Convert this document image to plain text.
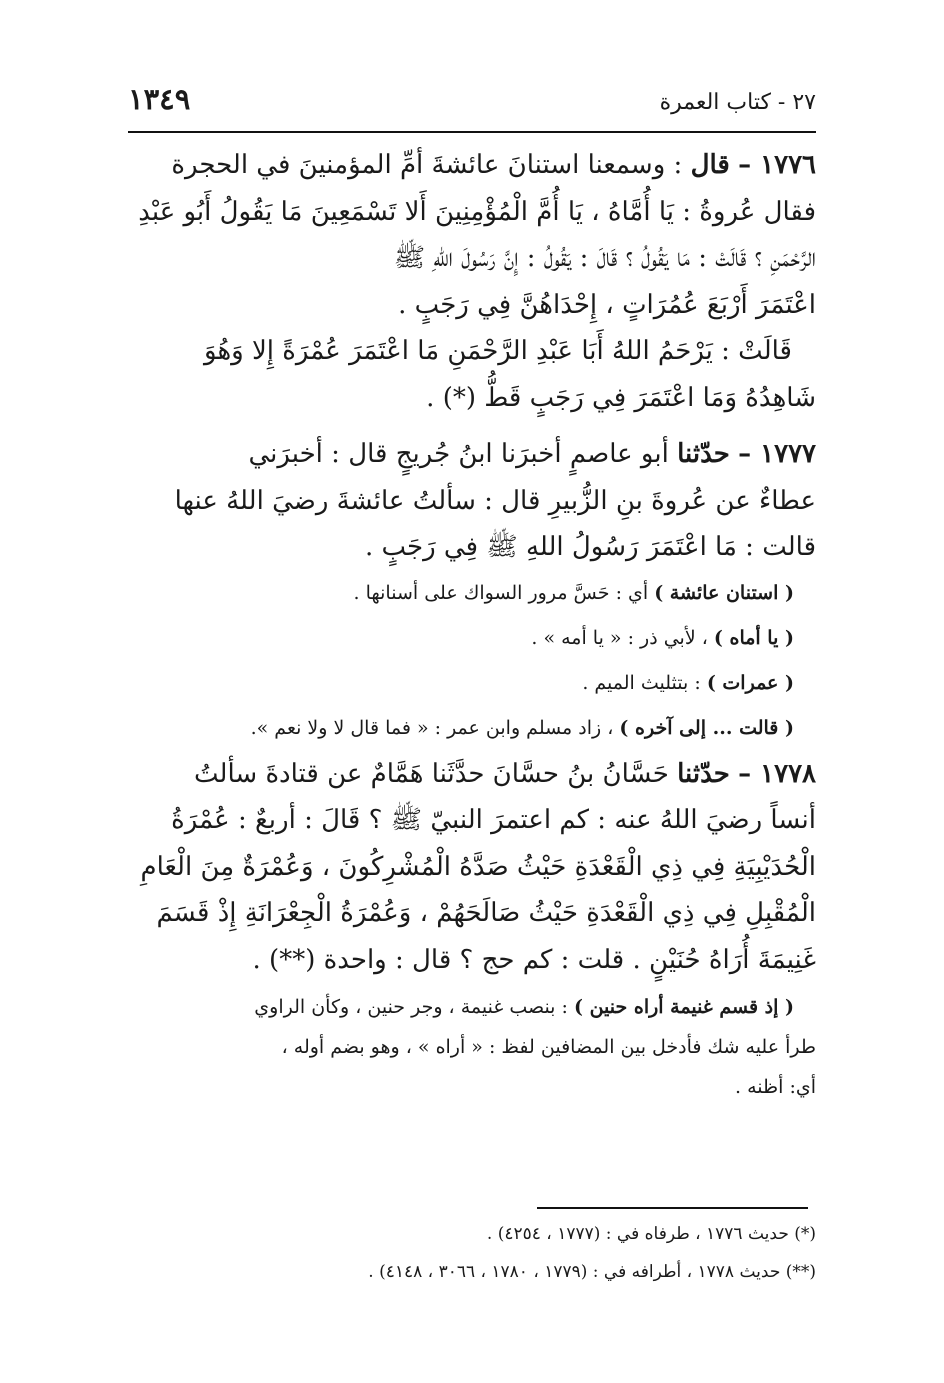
١٣٤٩	٢٧ - كتاب العمرة

١٧٧٦ – قال : وسمعنا استنانَ عائشةَ أمِّ المؤمنينَ في الحجرة

فقال عُروةُ : يَا أُمَّاهُ ، يَا أُمَّ الْمُؤْمِنِينَ أَلا تَسْمَعِينَ مَا يَقُولُ أَبُو عَبْدِ

الرَّحْمَنِ ؟ قَالَتْ : مَا يَقُولُ ؟ قَالَ : يَقُولُ : إِنَّ رَسُولَ اللهِ ﷺ

اعْتَمَرَ أَرْبَعَ عُمُرَاتٍ ، إِحْدَاهُنَّ فِي رَجَبٍ .

قَالَتْ : يَرْحَمُ اللهُ أَبَا عَبْدِ الرَّحْمَنِ مَا اعْتَمَرَ عُمْرَةً إِلا وَهُوَ

شَاهِدُهُ وَمَا اعْتَمَرَ فِي رَجَبٍ قَطُّ (*) .

١٧٧٧ – حدّثنا أبو عاصمٍ أخبرَنا ابنُ جُريجٍ قال : أخبرَني

عطاءٌ عن عُروةَ بنِ الزُّبيرِ قال : سألتُ عائشةَ رضيَ اللهُ عنها

قالت : مَا اعْتَمَرَ رَسُولُ اللهِ ﷺ فِي رَجَبٍ .

( استنان عائشة ) أي : حَسَّ مرور السواك على أسنانها .

( يا أماه ) ، لأبي ذر : « يا أمه » .

( عمرات ) : بتثليث الميم .

( قالت ... إلى آخره ) ، زاد مسلم وابن عمر : « فما قال لا ولا نعم ».

١٧٧٨ – حدّثنا حَسَّانُ بنُ حسَّانَ حدَّثَنا هَمَّامٌ عن قتادةَ سألتُ

أنساً رضيَ اللهُ عنه : كم اعتمرَ النبيّ ﷺ ؟ قَالَ : أربعٌ : عُمْرَةُ

الْحُدَيْبِيَةِ فِي ذِي الْقَعْدَةِ حَيْثُ صَدَّهُ الْمُشْرِكُونَ ، وَعُمْرَةٌ مِنَ الْعَامِ

الْمُقْبِلِ فِي ذِي الْقَعْدَةِ حَيْثُ صَالَحَهُمْ ، وَعُمْرَةُ الْجِعْرَانَةِ إِذْ قَسَمَ

غَنِيمَةَ أُرَاهُ حُنَيْنٍ . قلت : كم حج ؟ قال : واحدة (**) .

( إذ قسم غنيمة أراه حنين ) : بنصب غنيمة ، وجر حنين ، وكأن الراوي

طرأ عليه شك فأدخل بين المضافين لفظ : « أراه » ، وهو بضم أوله ،

أي: أظنه .

(*) حديث ١٧٧٦ ، طرفاه في : (١٧٧٧ ، ٤٢٥٤) .
(**) حديث ١٧٧٨ ، أطرافه في : (١٧٧٩ ، ١٧٨٠ ، ٣٠٦٦ ، ٤١٤٨) .
